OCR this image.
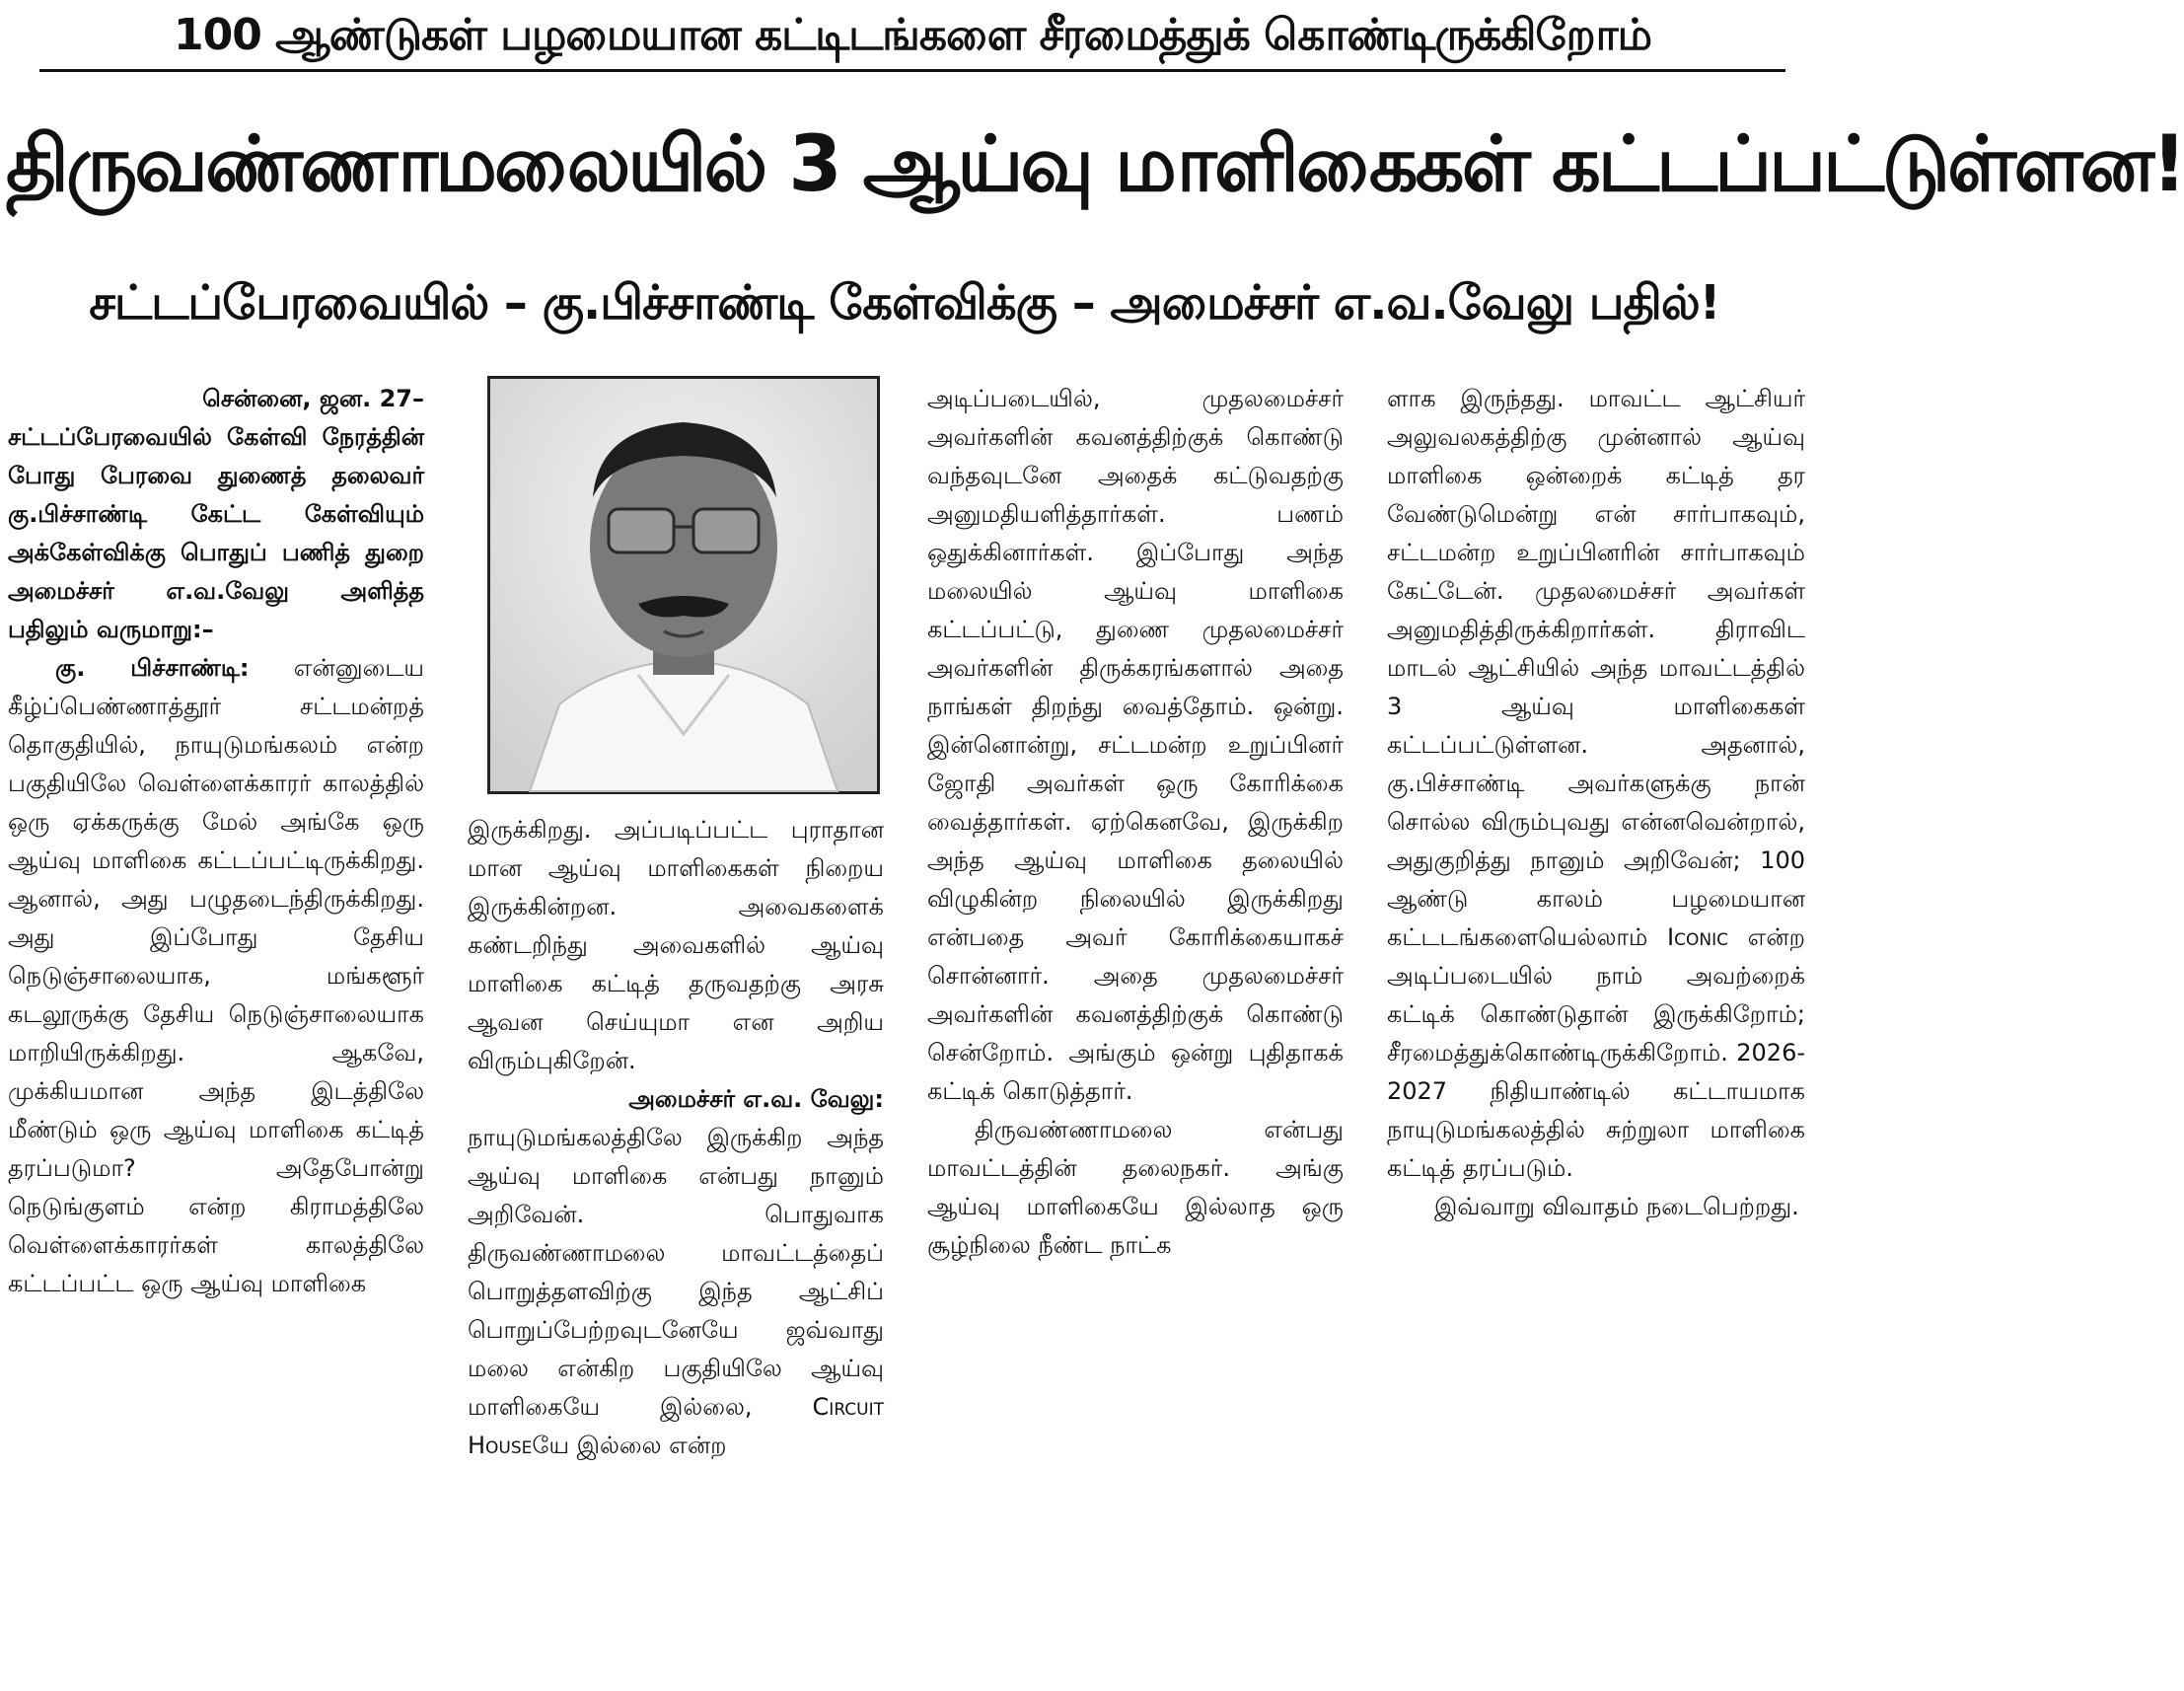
100 ஆண்டுகள் பழமையான கட்டிடங்களை சீரமைத்துக் கொண்டிருக்கிறோம்
திருவண்ணாமலையில் 3 ஆய்வு மாளிகைகள் கட்டப்பட்டுள்ளன!
சட்டப்பேரவையில் – கு.பிச்சாண்டி கேள்விக்கு – அமைச்சர் எ.வ.வேலு பதில்!

சென்னை, ஜன. 27–

சட்டப்பேரவையில் கேள்வி நேரத்தின் போது பேரவை துணைத் தலைவர் கு.பிச்சாண்டி கேட்ட கேள்வியும் அக்கேள்விக்கு பொதுப் பணித் துறை அமைச்சர் எ.வ.வேலு அளித்த பதிலும் வருமாறு:–

கு. பிச்சாண்டி: என்னுடைய கீழ்ப்பெண்ணாத்தூர் சட்டமன்றத் தொகுதியில், நாயுடுமங்கலம் என்ற பகுதியிலே வெள்ளைக்காரர் காலத்தில் ஒரு ஏக்கருக்கு மேல் அங்கே ஒரு ஆய்வு மாளிகை கட்டப்பட்டிருக்கிறது. ஆனால், அது பழுதடைந்திருக்கிறது. அது இப்போது தேசிய நெடுஞ்சாலையாக, மங்களூர் கடலூருக்கு தேசிய நெடுஞ்சாலையாக மாறியிருக்கிறது. ஆகவே, முக்கியமான அந்த இடத்திலே மீண்டும் ஒரு ஆய்வு மாளிகை கட்டித் தரப்படுமா? அதேபோன்று நெடுங்குளம் என்ற கிராமத்திலே வெள்ளைக்காரர்கள் காலத்திலே கட்டப்பட்ட ஒரு ஆய்வு மாளிகை

இருக்கிறது. அப்படிப்பட்ட புராதான மான ஆய்வு மாளிகைகள் நிறைய இருக்கின்றன. அவைகளைக் கண்டறிந்து அவைகளில் ஆய்வு மாளிகை கட்டித் தருவதற்கு அரசு ஆவன செய்யுமா என அறிய விரும்புகிறேன்.

அமைச்சர் எ.வ. வேலு:

நாயுடுமங்கலத்திலே இருக்கிற அந்த ஆய்வு மாளிகை என்பது நானும் அறிவேன். பொதுவாக திருவண்ணாமலை மாவட்டத்தைப் பொறுத்தளவிற்கு இந்த ஆட்சிப் பொறுப்பேற்றவுடனேயே ஜவ்வாது மலை என்கிற பகுதியிலே ஆய்வு மாளிகையே இல்லை, Circuit Houseயே இல்லை என்ற

அடிப்படையில், முதலமைச்சர் அவர்களின் கவனத்திற்குக் கொண்டு வந்தவுடனே அதைக் கட்டுவதற்கு அனுமதியளித்தார்கள். பணம் ஒதுக்கினார்கள். இப்போது அந்த மலையில் ஆய்வு மாளிகை கட்டப்பட்டு, துணை முதலமைச்சர் அவர்களின் திருக்கரங்களால் அதை நாங்கள் திறந்து வைத்தோம். ஒன்று. இன்னொன்று, சட்டமன்ற உறுப்பினர் ஜோதி அவர்கள் ஒரு கோரிக்கை வைத்தார்கள். ஏற்கெனவே, இருக்கிற அந்த ஆய்வு மாளிகை தலையில் விழுகின்ற நிலையில் இருக்கிறது என்பதை அவர் கோரிக்கையாகச் சொன்னார். அதை முதலமைச்சர் அவர்களின் கவனத்திற்குக் கொண்டு சென்றோம். அங்கும் ஒன்று புதிதாகக் கட்டிக் கொடுத்தார்.

திருவண்ணாமலை என்பது மாவட்டத்தின் தலைநகர். அங்கு ஆய்வு மாளிகையே இல்லாத ஒரு சூழ்நிலை நீண்ட நாட்க

ளாக இருந்தது. மாவட்ட ஆட்சியர் அலுவலகத்திற்கு முன்னால் ஆய்வு மாளிகை ஒன்றைக் கட்டித் தர வேண்டுமென்று என் சார்பாகவும், சட்டமன்ற உறுப்பினரின் சார்பாகவும் கேட்டேன். முதலமைச்சர் அவர்கள் அனுமதித்திருக்கிறார்கள். திராவிட மாடல் ஆட்சியில் அந்த மாவட்டத்தில் 3 ஆய்வு மாளிகைகள் கட்டப்பட்டுள்ளன. அதனால், கு.பிச்சாண்டி அவர்களுக்கு நான் சொல்ல விரும்புவது என்னவென்றால், அதுகுறித்து நானும் அறிவேன்; 100 ஆண்டு காலம் பழமையான கட்டடங்களையெல்லாம் Iconic என்ற அடிப்படையில் நாம் அவற்றைக் கட்டிக் கொண்டுதான் இருக்கிறோம்; சீரமைத்துக்கொண்டிருக்கிறோம். 2026-2027 நிதியாண்டில் கட்டாயமாக நாயுடுமங்கலத்தில் சுற்றுலா மாளிகை கட்டித் தரப்படும்.

இவ்வாறு விவாதம் நடைபெற்றது.
